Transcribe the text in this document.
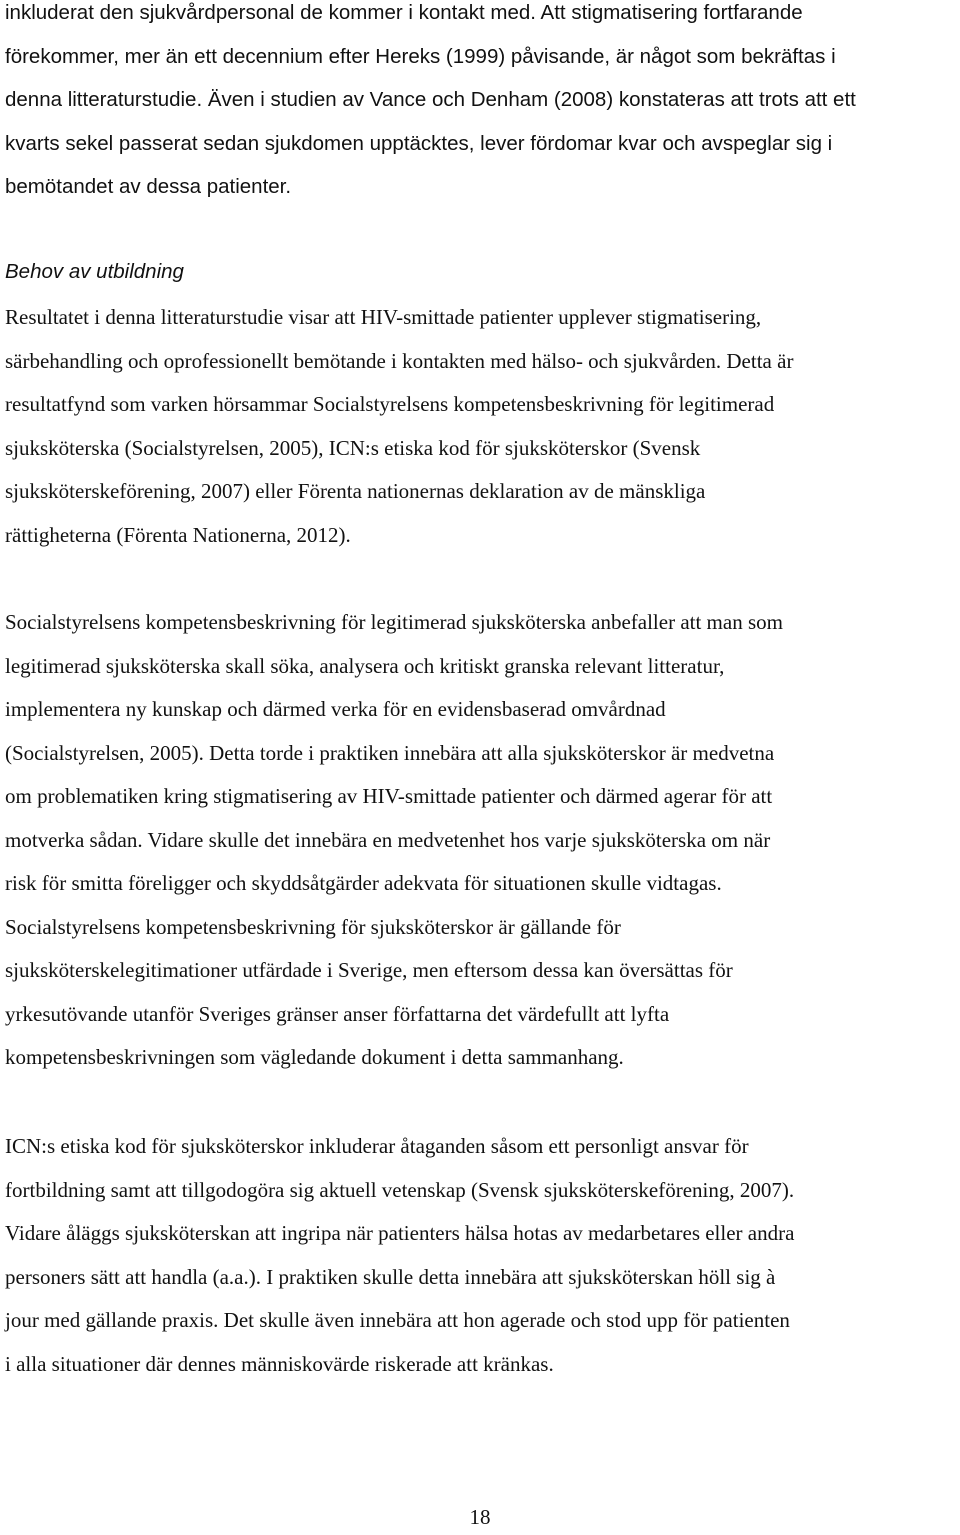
inkluderat den sjukvårdpersonal de kommer i kontakt med. Att stigmatisering fortfarande
förekommer, mer än ett decennium efter Hereks (1999) påvisande, är något som bekräftas i
denna litteraturstudie. Även i studien av Vance och Denham (2008) konstateras att trots att ett
kvarts sekel passerat sedan sjukdomen upptäcktes, lever fördomar kvar och avspeglar sig i
bemötandet av dessa patienter.
Behov av utbildning
Resultatet i denna litteraturstudie visar att HIV-smittade patienter upplever stigmatisering,
särbehandling och oprofessionellt bemötande i kontakten med hälso- och sjukvården. Detta är
resultatfynd som varken hörsammar Socialstyrelsens kompetensbeskrivning för legitimerad
sjuksköterska (Socialstyrelsen, 2005), ICN:s etiska kod för sjuksköterskor (Svensk
sjuksköterskeförening, 2007) eller Förenta nationernas deklaration av de mänskliga
rättigheterna (Förenta Nationerna, 2012).
Socialstyrelsens kompetensbeskrivning för legitimerad sjuksköterska anbefaller att man som
legitimerad sjuksköterska skall söka, analysera och kritiskt granska relevant litteratur,
implementera ny kunskap och därmed verka för en evidensbaserad omvårdnad
(Socialstyrelsen, 2005). Detta torde i praktiken innebära att alla sjuksköterskor är medvetna
om problematiken kring stigmatisering av HIV-smittade patienter och därmed agerar för att
motverka sådan. Vidare skulle det innebära en medvetenhet hos varje sjuksköterska om när
risk för smitta föreligger och skyddsåtgärder adekvata för situationen skulle vidtagas.
Socialstyrelsens kompetensbeskrivning för sjuksköterskor är gällande för
sjuksköterskelegitimationer utfärdade i Sverige, men eftersom dessa kan översättas för
yrkesutövande utanför Sveriges gränser anser författarna det värdefullt att lyfta
kompetensbeskrivningen som vägledande dokument i detta sammanhang.
ICN:s etiska kod för sjuksköterskor inkluderar åtaganden såsom ett personligt ansvar för
fortbildning samt att tillgodogöra sig aktuell vetenskap (Svensk sjuksköterskeförening, 2007).
Vidare åläggs sjuksköterskan att ingripa när patienters hälsa hotas av medarbetares eller andra
personers sätt att handla (a.a.). I praktiken skulle detta innebära att sjuksköterskan höll sig à
jour med gällande praxis. Det skulle även innebära att hon agerade och stod upp för patienten
i alla situationer där dennes människovärde riskerade att kränkas.
18
